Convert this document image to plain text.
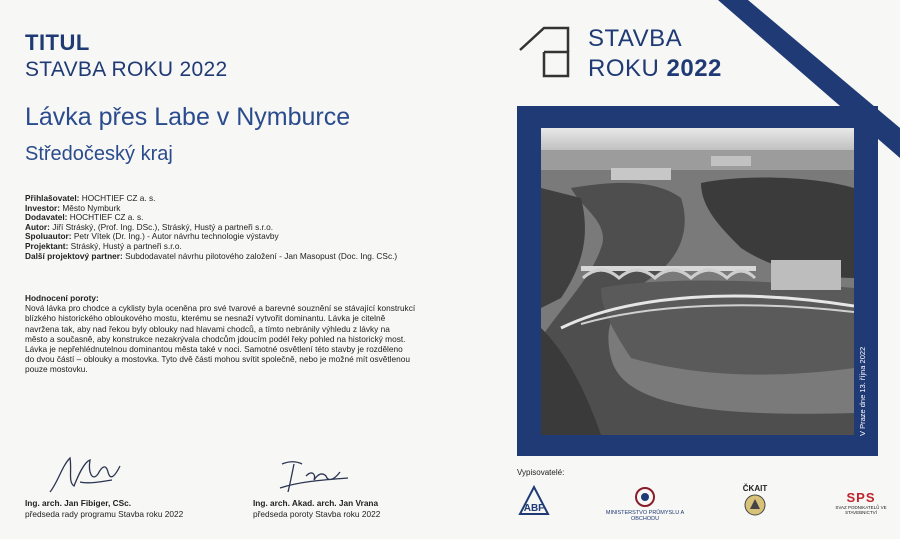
TITUL
STAVBA ROKU 2022
Lávka přes Labe v Nymburce
Středočeský kraj
Přihlašovatel: HOCHTIEF CZ a. s.
Investor: Město Nymburk
Dodavatel: HOCHTIEF CZ a. s.
Autor: Jiří Stráský, (Prof. Ing. DSc.), Stráský, Hustý a partneři s.r.o.
Spoluautor: Petr Vítek (Dr. Ing.) - Autor návrhu technologie výstavby
Projektant: Stráský, Hustý a partneři s.r.o.
Další projektový partner: Subdodavatel návrhu pilotového založení - Jan Masopust (Doc. Ing. CSc.)
Hodnocení poroty:
Nová lávka pro chodce a cyklisty byla oceněna pro své tvarové a barevné souznění se stávající konstrukcí
blízkého historického obloukového mostu, kterému se nesnaží vytvořit dominantu. Lávka je citelně
navržena tak, aby nad řekou byly oblouky nad hlavami chodců, a tímto nebránily výhledu z lávky na
město a současně, aby konstrukce nezakrývala chodcům jdoucím podél řeky pohled na historický most.
Lávka je nepřehlédnutelnou dominantou města také v noci. Samotné osvětlení této stavby je rozděleno
do dvou částí – oblouky a mostovka. Tyto dvě části mohou svítit společně, nebo je možné mít osvětlenou
pouze mostovku.
Ing. arch. Jan Fibiger, CSc.
předseda rady programu Stavba roku 2022
Ing. arch. Akad. arch. Jan Vrana
předseda poroty Stavba roku 2022
STAVBA
ROKU 2022
V Praze dne 13. října 2022
Vypisovatelé:
ABF	MINISTERSTVO PRŮMYSLU A OBCHODU
ČKAIT
SPS
SVAZ PODNIKATELŮ VE STAVEBNICTVÍ
